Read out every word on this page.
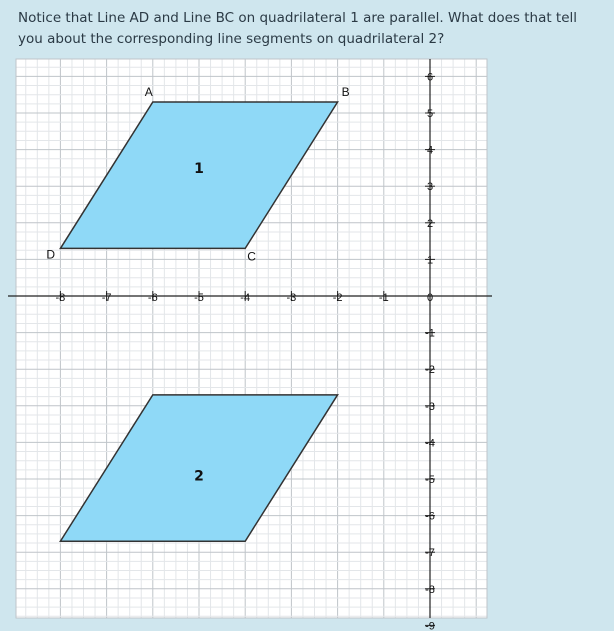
Notice that Line AD and Line BC on quadrilateral 1 are parallel. What does that tell you about the corresponding line segments on quadrilateral 2?

-8	-7	-6	-5	-4	-3	-2	-1	0
1
2
3
4
5
6
-1
-2
-3
-4
-5
-6
-7
-8
-9
1
A	B
C
D
2
